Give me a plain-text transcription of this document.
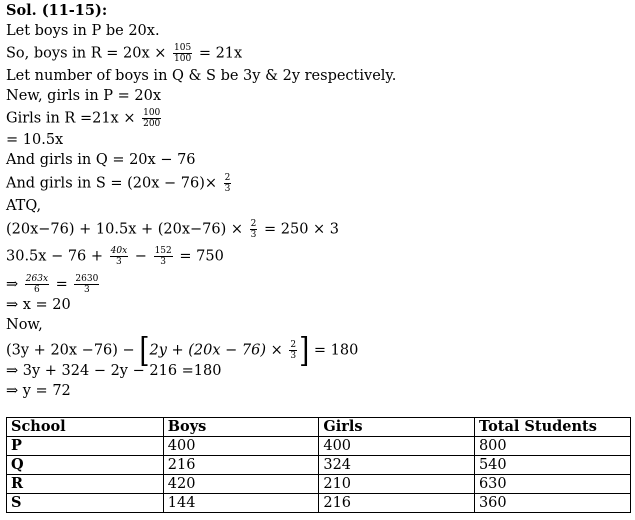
Sol. (11-15):
Let boys in P be 20x.
So, boys in $R = 20x \times \frac{105}{100} = 21x$
Let number of boys in Q & S be 3y & 2y respectively.
New, girls in P = 20x
Girls in $R =21x \times \frac{100}{200}$
= 10.5x
And girls in Q = 20x − 76
And girls in $S = (20x - 76)\times \frac{2}{3}$
ATQ,
$(20x-76) + 10.5x + (20x-76) \times \frac{2}{3} = 250 \times 3$
$30.5x - 76 + \frac{40x}{3} - \frac{152}{3} = 750$
⇒ $\frac{263x}{6} = \frac{2630}{3}$
⇒ x = 20
Now,
$(3y + 20x -76) - [2y + (20x - 76) \times \frac{2}{3}$ ] = 180
⇒ 3y + 324 − 2y − 216 =180
⇒ y = 72
School	Boys	Girls	Total Students
P	400	400	800
Q	216	324	540
R	420	210	630
S	144	216	360
